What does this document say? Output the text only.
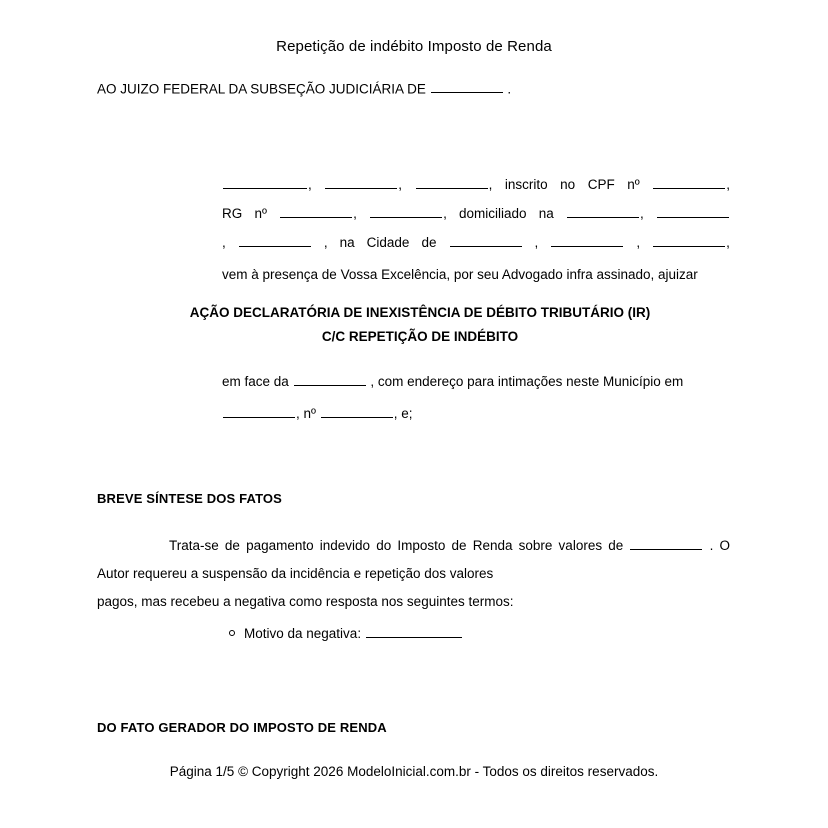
Repetição de indébito Imposto de Renda
AO JUIZO FEDERAL DA SUBSEÇÃO JUDICIÁRIA DE	.
,	,	, inscrito no CPF nº	,
RG nº	,	, domiciliado na	,
,	, na Cidade de	,	,	,
vem à presença de Vossa Excelência, por seu Advogado infra assinado, ajuizar
AÇÃO DECLARATÓRIA DE INEXISTÊNCIA DE DÉBITO TRIBUTÁRIO (IR)
C/C REPETIÇÃO DE INDÉBITO
em face da	, com endereço para intimações neste Município em
, nº	, e;
BREVE SÍNTESE DOS FATOS
Trata-se de pagamento indevido do Imposto de Renda sobre valores de	. O Autor requereu a suspensão da incidência e repetição dos valores
pagos, mas recebeu a negativa como resposta nos seguintes termos:
Motivo da negativa:
DO FATO GERADOR DO IMPOSTO DE RENDA
Página 1/5 © Copyright 2026 ModeloInicial.com.br - Todos os direitos reservados.
